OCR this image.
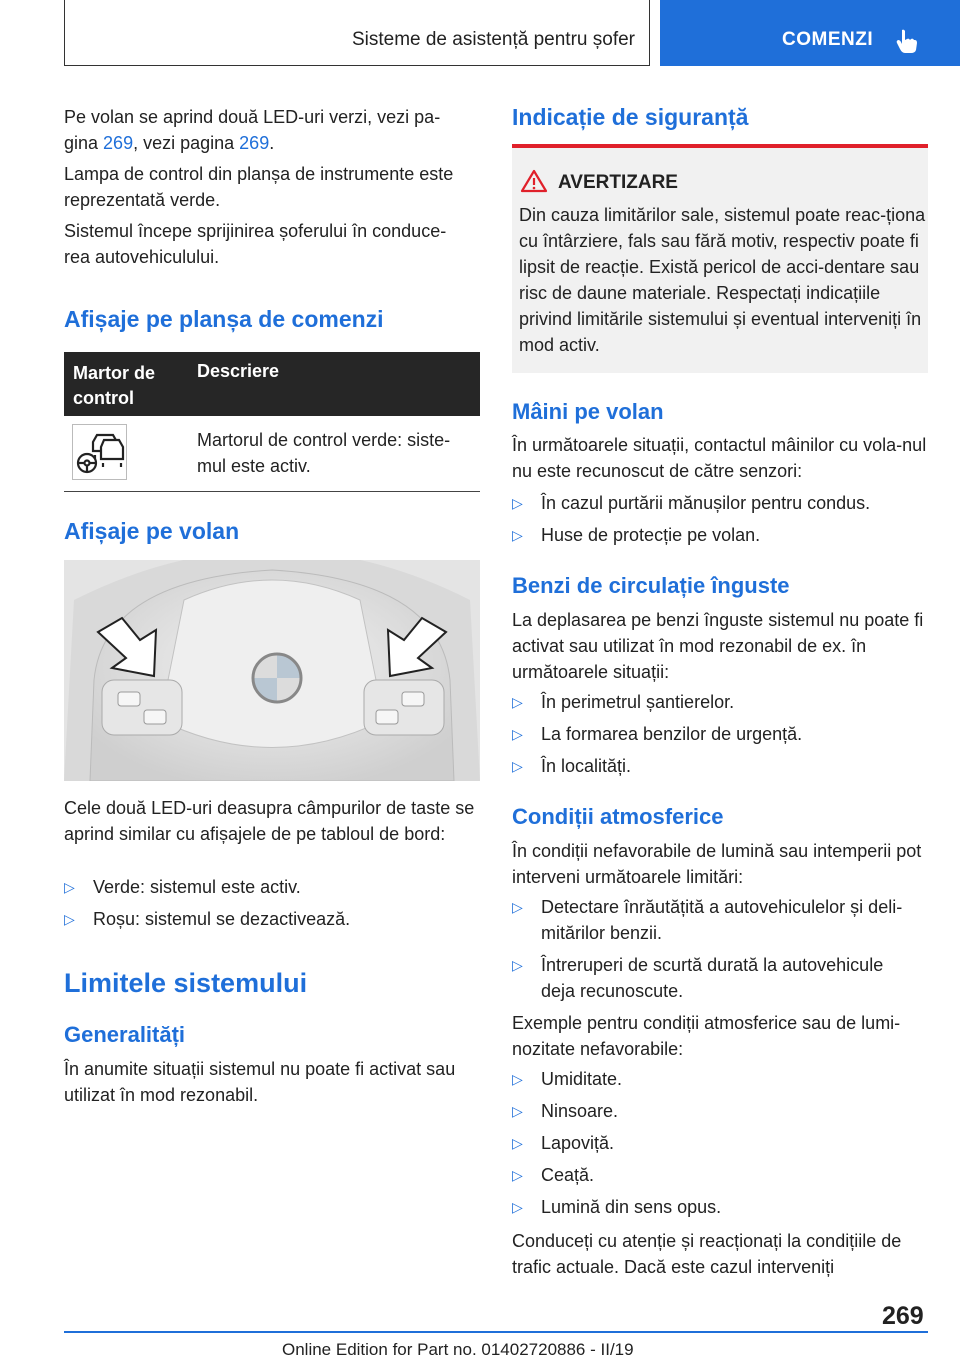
Sisteme de asistență pentru șofer	COMENZI

Pe volan se aprind două LED-uri verzi, vezi pa-
gina 269, vezi pagina 269.

Lampa de control din planșa de instrumente este reprezentată verde.

Sistemul începe sprijinirea șoferului în conduce-rea autovehiculului.

Afișaje pe planșa de comenzi
Martor de control
Descriere

Martorul de control verde: siste-mul este activ.

Afișaje pe volan

Cele două LED-uri deasupra câmpurilor de taste se aprind similar cu afișajele de pe tabloul de bord:

▷ Verde: sistemul este activ.
▷ Roșu: sistemul se dezactivează.
Limitele sistemului
Generalități

În anumite situații sistemul nu poate fi activat sau utilizat în mod rezonabil.

Indicație de siguranță
AVERTIZARE

Din cauza limitărilor sale, sistemul poate reac-ționa cu întârziere, fals sau fără motiv, respectiv poate fi lipsit de reacție. Există pericol de acci-dentare sau risc de daune materiale. Respectați indicațiile privind limitările sistemului și eventual interveniți în mod activ.

Mâini pe volan

În următoarele situații, contactul mâinilor cu vola-nul nu este recunoscut de către senzori:

▷ În cazul purtării mănușilor pentru condus.
▷ Huse de protecție pe volan.
Benzi de circulație înguste

La deplasarea pe benzi înguste sistemul nu poate fi activat sau utilizat în mod rezonabil de ex. în următoarele situații:

▷ În perimetrul șantierelor.
▷ La formarea benzilor de urgență.
▷ În localități.
Condiții atmosferice

În condiții nefavorabile de lumină sau intemperii pot interveni următoarele limitări:

▷ Detectare înrăutățită a autovehiculelor și deli-mitărilor benzii.
▷ Întreruperi de scurtă durată la autovehicule deja recunoscute.

Exemple pentru condiții atmosferice sau de lumi-nozitate nefavorabile:

▷ Umiditate.
▷ Ninsoare.
▷ Lapoviță.
▷ Ceață.
▷ Lumină din sens opus.

Conduceți cu atenție și reacționați la condițiile de trafic actuale. Dacă este cazul interveniți

269
Online Edition for Part no. 01402720886 - II/19
